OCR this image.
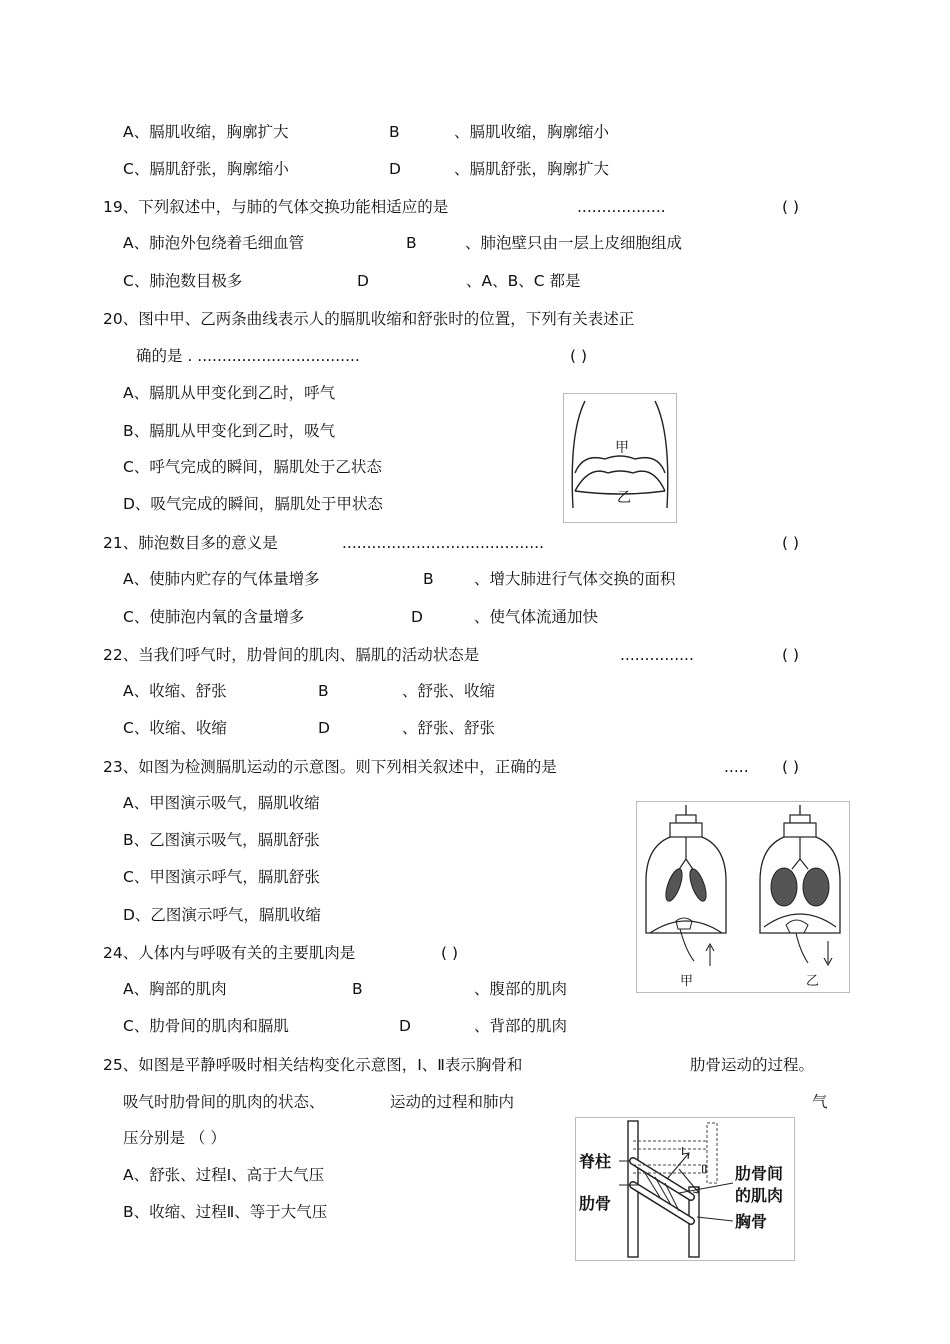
A、膈肌收缩，胸廓扩大	B	、膈肌收缩，胸廓缩小
C、膈肌舒张，胸廓缩小	D	、膈肌舒张，胸廓扩大
19、下列叙述中，与肺的气体交换功能相适应的是	..................	( )
A、肺泡外包绕着毛细血管	B	、肺泡壁只由一层上皮细胞组成
C、肺泡数目极多	D	、A、B、C 都是
20、图中甲、乙两条曲线表示人的膈肌收缩和舒张时的位置，下列有关表述正
确的是 . .................................	( )
A、膈肌从甲变化到乙时，呼气
B、膈肌从甲变化到乙时，吸气
C、呼气完成的瞬间，膈肌处于乙状态
D、吸气完成的瞬间，膈肌处于甲状态
甲
乙
21、肺泡数目多的意义是	.........................................	( )
A、使肺内贮存的气体量增多	B	、增大肺进行气体交换的面积
C、使肺泡内氧的含量增多	D	、使气体流通加快
22、当我们呼气时，肋骨间的肌肉、膈肌的活动状态是	...............	( )
A、收缩、舒张	B	、舒张、收缩
C、收缩、收缩	D	、舒张、舒张
23、如图为检测膈肌运动的示意图。则下列相关叙述中，正确的是	..... ( )
A、甲图演示吸气，膈肌收缩
B、乙图演示吸气，膈肌舒张
C、甲图演示呼气，膈肌舒张
D、乙图演示呼气，膈肌收缩
甲	乙
24、人体内与呼吸有关的主要肌肉是	( )
A、胸部的肌肉	B	、腹部的肌肉
C、肋骨间的肌肉和膈肌	D	、背部的肌肉
25、如图是平静呼吸时相关结构变化示意图，Ⅰ、Ⅱ表示胸骨和	肋骨运动的过程。
吸气时肋骨间的肌肉的状态、	运动的过程和肺内	气
压分别是 （ ）
A、舒张、过程Ⅰ、高于大气压
B、收缩、过程Ⅱ、等于大气压
I
II
脊柱
肋骨
肋骨间
的肌肉
胸骨
